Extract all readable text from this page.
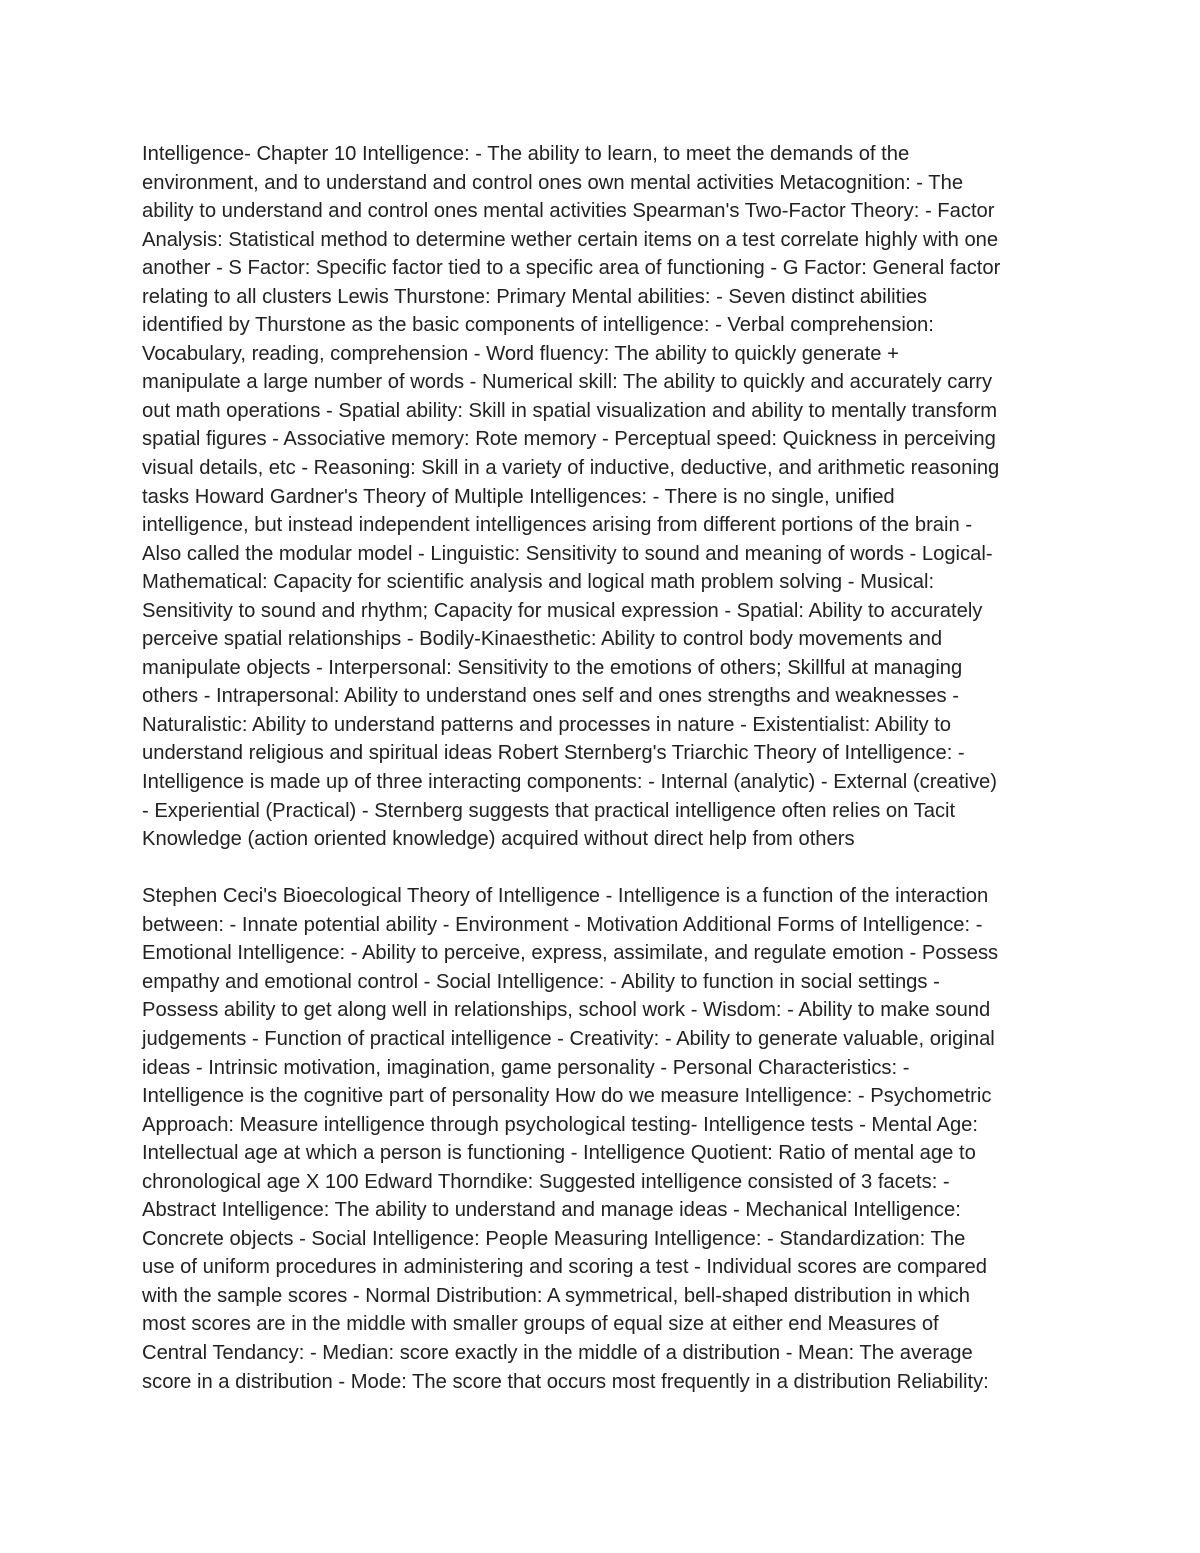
Intelligence- Chapter 10 Intelligence: - The ability to learn, to meet the demands of the
environment, and to understand and control ones own mental activities Metacognition: - The
ability to understand and control ones mental activities Spearman's Two-Factor Theory: - Factor
Analysis: Statistical method to determine wether certain items on a test correlate highly with one
another - S Factor: Specific factor tied to a specific area of functioning - G Factor: General factor
relating to all clusters Lewis Thurstone: Primary Mental abilities: - Seven distinct abilities
identified by Thurstone as the basic components of intelligence: - Verbal comprehension:
Vocabulary, reading, comprehension - Word fluency: The ability to quickly generate +
manipulate a large number of words - Numerical skill: The ability to quickly and accurately carry
out math operations - Spatial ability: Skill in spatial visualization and ability to mentally transform
spatial figures - Associative memory: Rote memory - Perceptual speed: Quickness in perceiving
visual details, etc - Reasoning: Skill in a variety of inductive, deductive, and arithmetic reasoning
tasks Howard Gardner's Theory of Multiple Intelligences: - There is no single, unified
intelligence, but instead independent intelligences arising from different portions of the brain -
Also called the modular model - Linguistic: Sensitivity to sound and meaning of words - Logical-
Mathematical: Capacity for scientific analysis and logical math problem solving - Musical:
Sensitivity to sound and rhythm; Capacity for musical expression - Spatial: Ability to accurately
perceive spatial relationships - Bodily-Kinaesthetic: Ability to control body movements and
manipulate objects - Interpersonal: Sensitivity to the emotions of others; Skillful at managing
others - Intrapersonal: Ability to understand ones self and ones strengths and weaknesses -
Naturalistic: Ability to understand patterns and processes in nature - Existentialist: Ability to
understand religious and spiritual ideas Robert Sternberg's Triarchic Theory of Intelligence: -
Intelligence is made up of three interacting components: - Internal (analytic) - External (creative)
- Experiential (Practical) - Sternberg suggests that practical intelligence often relies on Tacit
Knowledge (action oriented knowledge) acquired without direct help from others

Stephen Ceci's Bioecological Theory of Intelligence - Intelligence is a function of the interaction
between: - Innate potential ability - Environment - Motivation Additional Forms of Intelligence: -
Emotional Intelligence: - Ability to perceive, express, assimilate, and regulate emotion - Possess
empathy and emotional control - Social Intelligence: - Ability to function in social settings -
Possess ability to get along well in relationships, school work - Wisdom: - Ability to make sound
judgements - Function of practical intelligence - Creativity: - Ability to generate valuable, original
ideas - Intrinsic motivation, imagination, game personality - Personal Characteristics: -
Intelligence is the cognitive part of personality How do we measure Intelligence: - Psychometric
Approach: Measure intelligence through psychological testing- Intelligence tests - Mental Age:
Intellectual age at which a person is functioning - Intelligence Quotient: Ratio of mental age to
chronological age X 100 Edward Thorndike: Suggested intelligence consisted of 3 facets: -
Abstract Intelligence: The ability to understand and manage ideas - Mechanical Intelligence:
Concrete objects - Social Intelligence: People Measuring Intelligence: - Standardization: The
use of uniform procedures in administering and scoring a test - Individual scores are compared
with the sample scores - Normal Distribution: A symmetrical, bell-shaped distribution in which
most scores are in the middle with smaller groups of equal size at either end Measures of
Central Tendancy: - Median: score exactly in the middle of a distribution - Mean: The average
score in a distribution - Mode: The score that occurs most frequently in a distribution Reliability:
